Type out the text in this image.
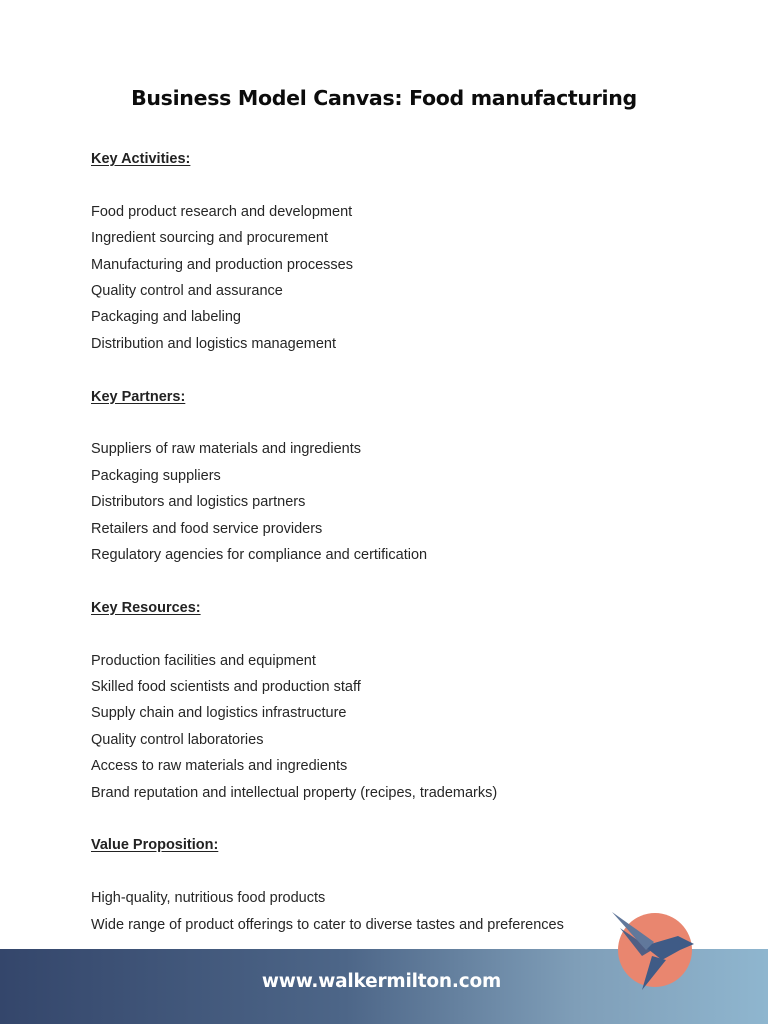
Business Model Canvas: Food manufacturing
Key Activities:
Food product research and development
Ingredient sourcing and procurement
Manufacturing and production processes
Quality control and assurance
Packaging and labeling
Distribution and logistics management
Key Partners:
Suppliers of raw materials and ingredients
Packaging suppliers
Distributors and logistics partners
Retailers and food service providers
Regulatory agencies for compliance and certification
Key Resources:
Production facilities and equipment
Skilled food scientists and production staff
Supply chain and logistics infrastructure
Quality control laboratories
Access to raw materials and ingredients
Brand reputation and intellectual property (recipes, trademarks)
Value Proposition:
High-quality, nutritious food products
Wide range of product offerings to cater to diverse tastes and preferences
www.walkermilton.com
